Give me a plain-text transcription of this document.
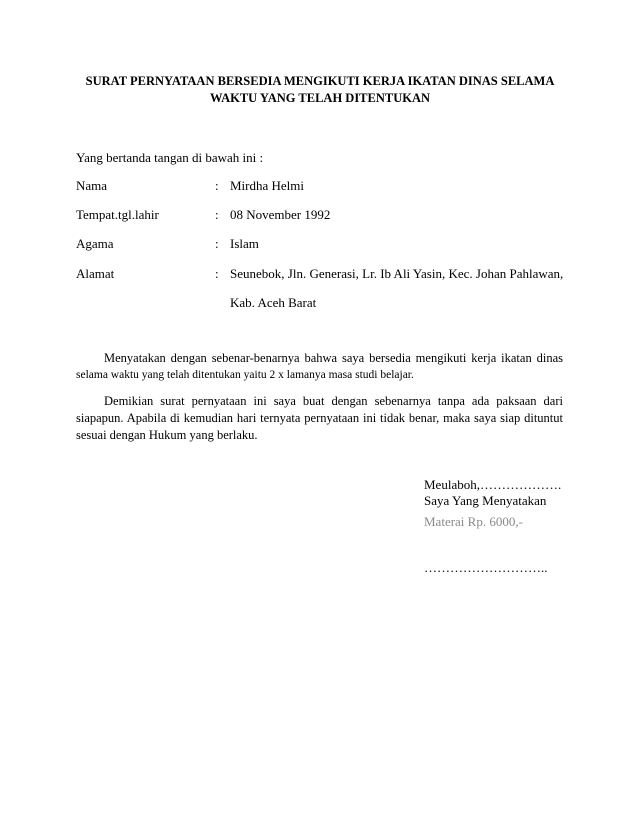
SURAT PERNYATAAN BERSEDIA MENGIKUTI KERJA IKATAN DINAS SELAMA
WAKTU YANG TELAH DITENTUKAN
Yang bertanda tangan di bawah ini :
Nama	: Mirdha Helmi
Tempat.tgl.lahir	: 08 November 1992
Agama	: Islam
Alamat	: Seunebok, Jln. Generasi, Lr. Ib Ali Yasin, Kec. Johan Pahlawan,
Kab. Aceh Barat
Menyatakan dengan sebenar-benarnya bahwa saya bersedia mengikuti kerja ikatan dinas
selama waktu yang telah ditentukan yaitu 2 x lamanya masa studi belajar.
Demikian surat pernyataan ini saya buat dengan sebenarnya tanpa ada paksaan dari siapapun. Apabila di kemudian hari ternyata pernyataan ini tidak benar, maka saya siap dituntut sesuai dengan Hukum yang berlaku.
Meulaboh,……………….
Saya Yang Menyatakan
Materai Rp. 6000,-
………………………..
